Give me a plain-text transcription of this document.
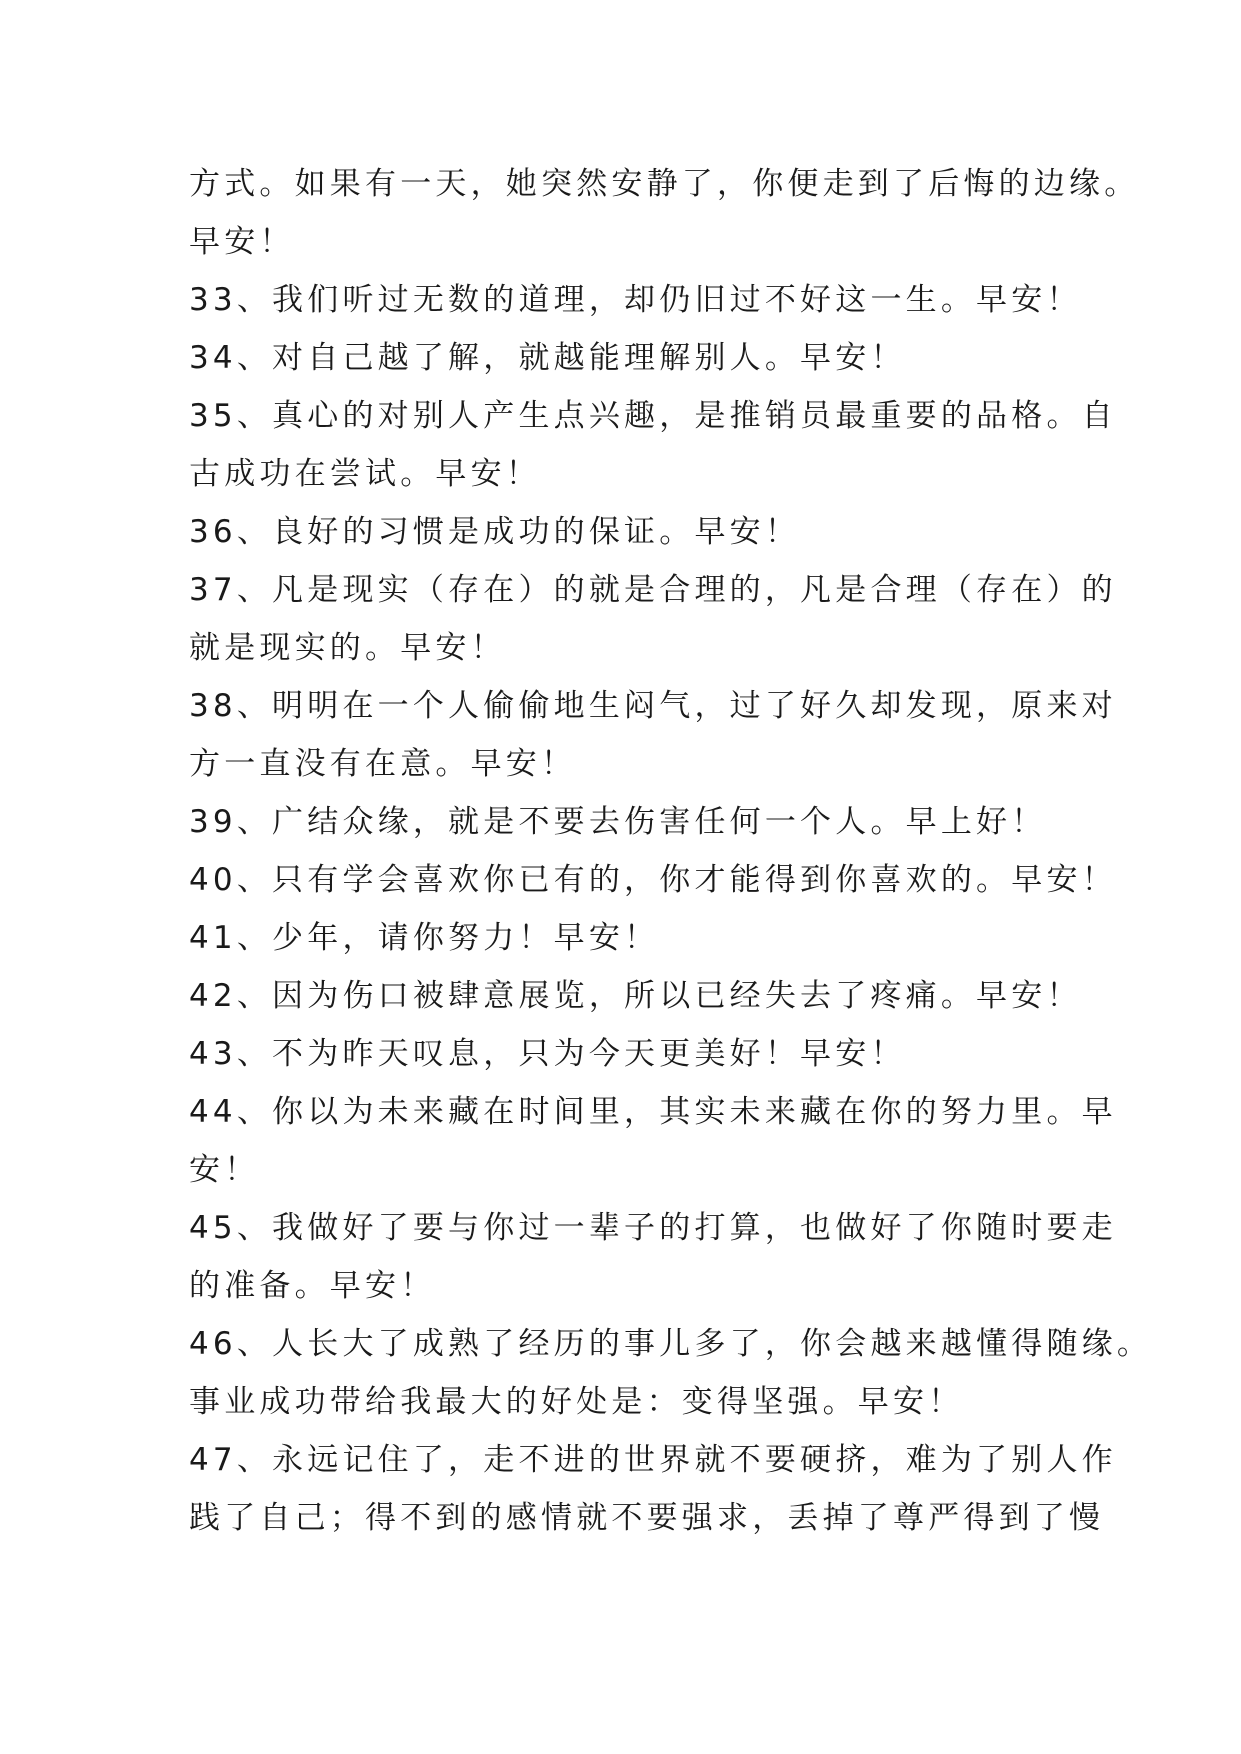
方式。如果有一天，她突然安静了，你便走到了后悔的边缘。
早安！
33、我们听过无数的道理，却仍旧过不好这一生。早安！
34、对自己越了解，就越能理解别人。早安！
35、真心的对别人产生点兴趣，是推销员最重要的品格。自
古成功在尝试。早安！
36、良好的习惯是成功的保证。早安！
37、凡是现实（存在）的就是合理的，凡是合理（存在）的
就是现实的。早安！
38、明明在一个人偷偷地生闷气，过了好久却发现，原来对
方一直没有在意。早安！
39、广结众缘，就是不要去伤害任何一个人。早上好！
40、只有学会喜欢你已有的，你才能得到你喜欢的。早安！
41、少年，请你努力！早安！
42、因为伤口被肆意展览，所以已经失去了疼痛。早安！
43、不为昨天叹息，只为今天更美好！早安！
44、你以为未来藏在时间里，其实未来藏在你的努力里。早
安！
45、我做好了要与你过一辈子的打算，也做好了你随时要走
的准备。早安！
46、人长大了成熟了经历的事儿多了，你会越来越懂得随缘。
事业成功带给我最大的好处是：变得坚强。早安！
47、永远记住了，走不进的世界就不要硬挤，难为了别人作
践了自己；得不到的感情就不要强求，丢掉了尊严得到了慢
